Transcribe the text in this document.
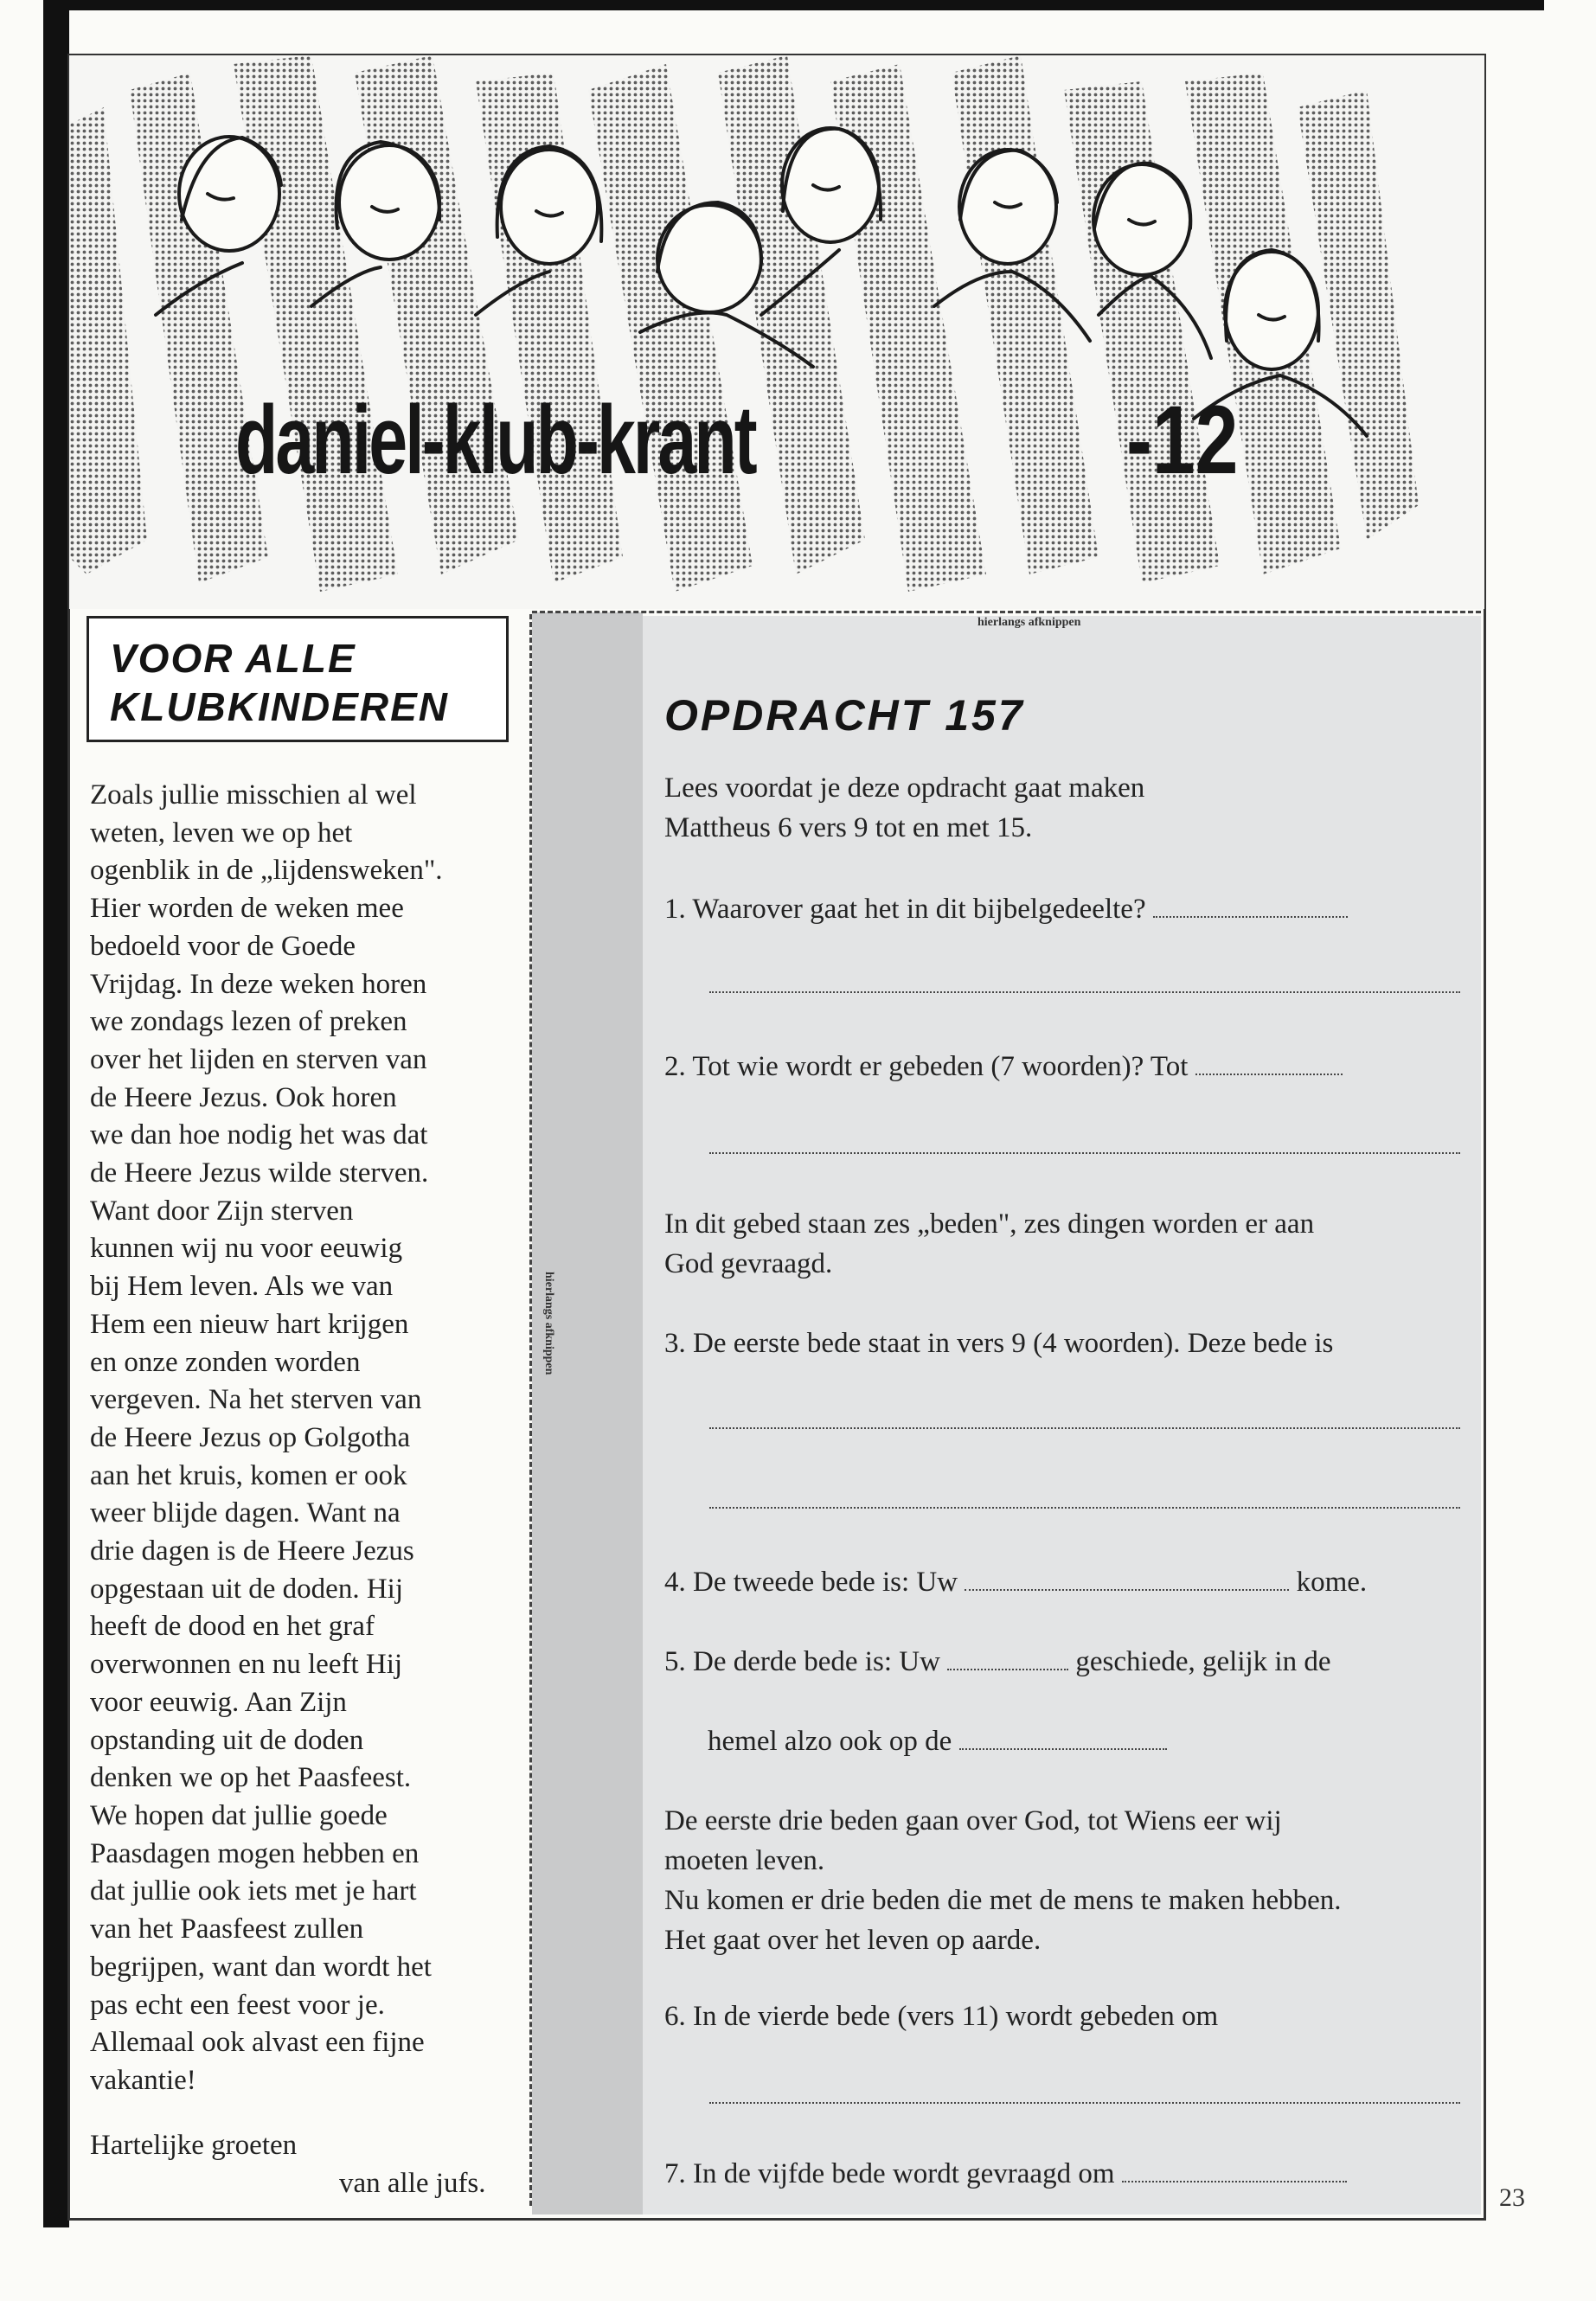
daniel-klub-krant	-12
VOOR ALLE
KLUBKINDEREN

Zoals jullie misschien al wel

weten, leven we op het

ogenblik in de „lijdensweken".

Hier worden de weken mee

bedoeld voor de Goede

Vrijdag. In deze weken horen

we zondags lezen of preken

over het lijden en sterven van

de Heere Jezus. Ook horen

we dan hoe nodig het was dat

de Heere Jezus wilde sterven.

Want door Zijn sterven

kunnen wij nu voor eeuwig

bij Hem leven. Als we van

Hem een nieuw hart krijgen

en onze zonden worden

vergeven. Na het sterven van

de Heere Jezus op Golgotha

aan het kruis, komen er ook

weer blijde dagen. Want na

drie dagen is de Heere Jezus

opgestaan uit de doden. Hij

heeft de dood en het graf

overwonnen en nu leeft Hij

voor eeuwig. Aan Zijn

opstanding uit de doden

denken we op het Paasfeest.

We hopen dat jullie goede

Paasdagen mogen hebben en

dat jullie ook iets met je hart

van het Paasfeest zullen

begrijpen, want dan wordt het

pas echt een feest voor je.

Allemaal ook alvast een fijne

vakantie!

Hartelijke groeten
van alle jufs.
hierlangs afknippen
hierlangs afknippen
OPDRACHT 157
Lees voordat je deze opdracht gaat maken
Mattheus 6 vers 9 tot en met 15.
1. Waarover gaat het in dit bijbelgedeelte?
2. Tot wie wordt er gebeden (7 woorden)? Tot
In dit gebed staan zes „beden", zes dingen worden er aan
God gevraagd.
3. De eerste bede staat in vers 9 (4 woorden). Deze bede is
4. De tweede bede is: Uw	kome.
5. De derde bede is: Uw	geschiede, gelijk in de
hemel alzo ook op de
De eerste drie beden gaan over God, tot Wiens eer wij
moeten leven.
Nu komen er drie beden die met de mens te maken hebben.
Het gaat over het leven op aarde.
6. In de vierde bede (vers 11) wordt gebeden om
7. In de vijfde bede wordt gevraagd om
23
